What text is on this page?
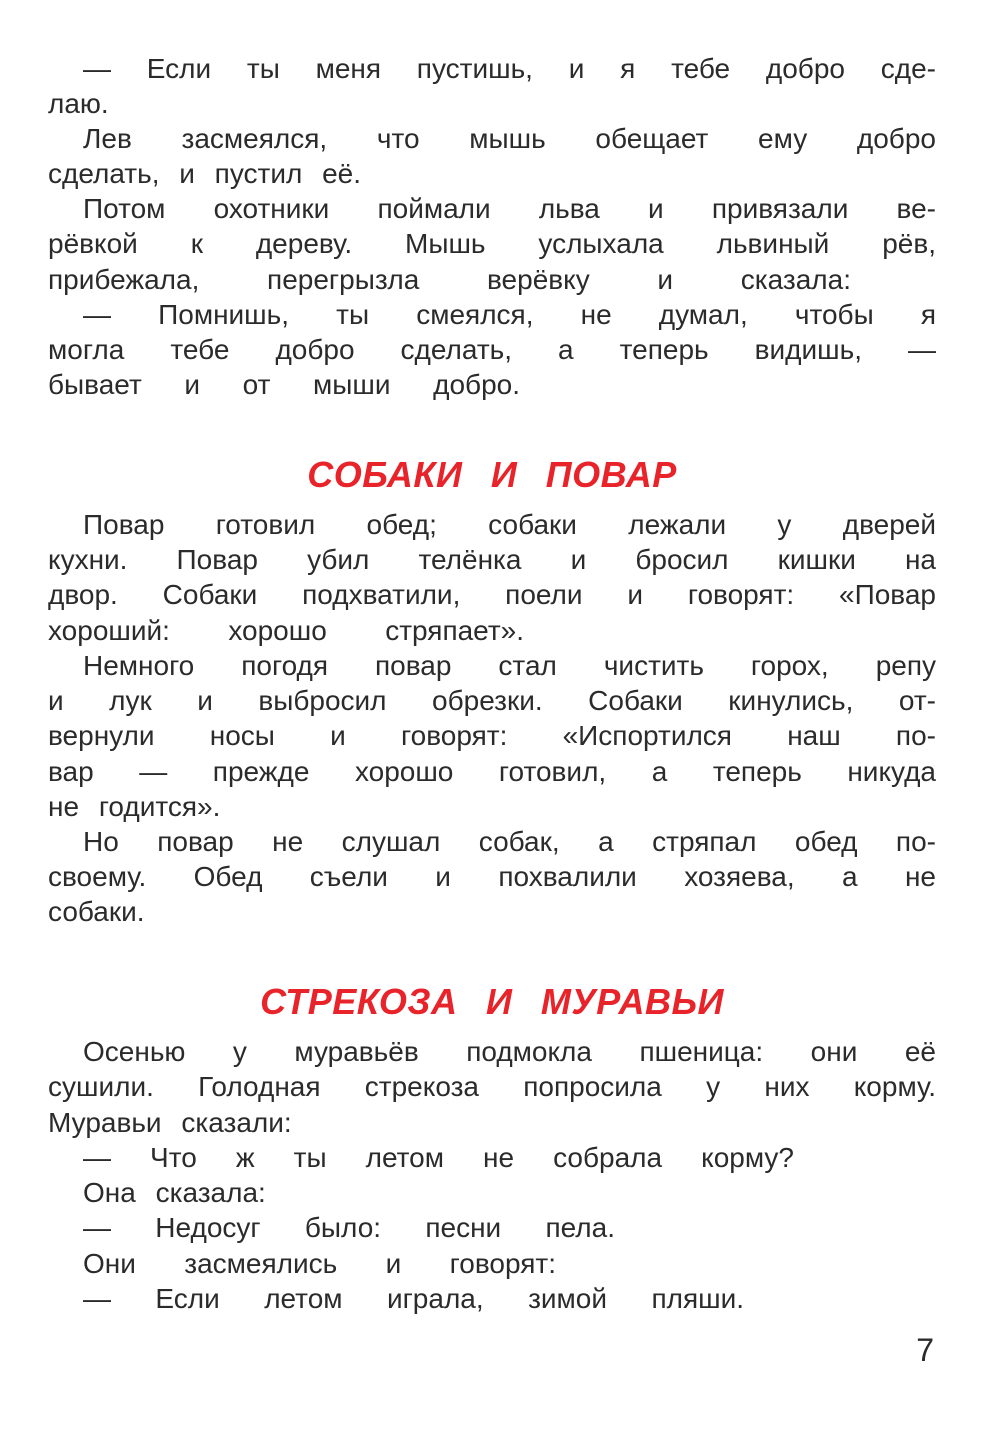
— Если ты меня пустишь, и я тебе добро сде-
лаю.
Лев засмеялся, что мышь обещает ему добро
сделать, и пустил её.
Потом охотники поймали льва и привязали ве-
рёвкой к дереву. Мышь услыхала львиный рёв,
прибежала, перегрызла верёвку и сказала:
— Помнишь, ты смеялся, не думал, чтобы я
могла тебе добро сделать, а теперь видишь, —
бывает и от мыши добро.
СОБАКИ И ПОВАР
Повар готовил обед; собаки лежали у дверей
кухни. Повар убил телёнка и бросил кишки на
двор. Собаки подхватили, поели и говорят: «Повар
хороший: хорошо стряпает».
Немного погодя повар стал чистить горох, репу
и лук и выбросил обрезки. Собаки кинулись, от-
вернули носы и говорят: «Испортился наш по-
вар — прежде хорошо готовил, а теперь никуда
не годится».
Но повар не слушал собак, а стряпал обед по-
своему. Обед съели и похвалили хозяева, а не
собаки.
СТРЕКОЗА И МУРАВЬИ
Осенью у муравьёв подмокла пшеница: они её
сушили. Голодная стрекоза попросила у них корму.
Муравьи сказали:
— Что ж ты летом не собрала корму?
Она сказала:
— Недосуг было: песни пела.
Они засмеялись и говорят:
— Если летом играла, зимой пляши.
7
